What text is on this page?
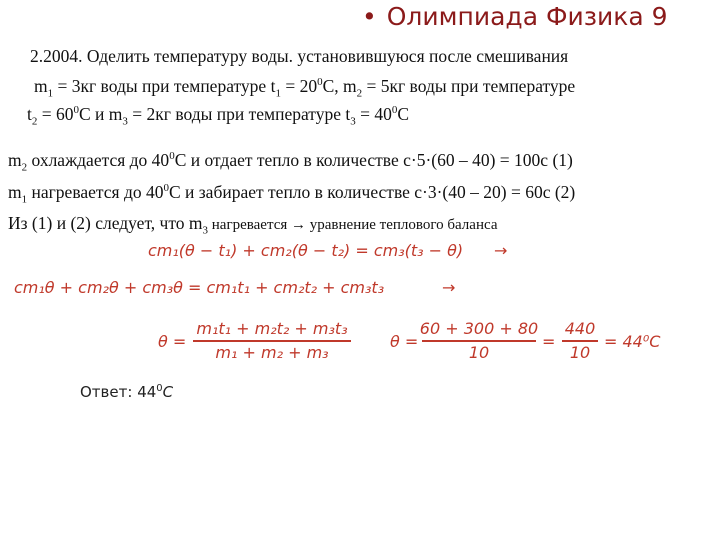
• Олимпиада Физика 9
2.2004. Оделить температуру воды. установившуюся после смешивания
$m_1 = 3кг$ воды при температуре $t_1 = 20^0С$, $m_2 = 5кг$ воды при температуре
$t_2 = 60^0С$ и $m_3 = 2кг$ воды при температуре $t_3 = 40^0С$
$m_2$ охлаждается до $40^0С$ и отдает тепло в количестве c·5·(60 – 40) = 100c (1)
$m_1$ нагревается до $40^0С$ и забирает тепло в количестве c·3·(40 – 20) = 60c (2)
Из (1) и (2) следует, что $m_3$ нагревается → уравнение теплового баланса
cm₁(θ − t₁) + cm₂(θ − t₂) = cm₃(t₃ − θ) →
cm₁θ + cm₂θ + cm₃θ = cm₁t₁ + cm₂t₂ + cm₃t₃	→
θ =
m₁t₁ + m₂t₂ + m₃t₃
m₁ + m₂ + m₃
θ =
60 + 300 + 80
10
=
440
10
= 44⁰C
Ответ: $44^0C$
